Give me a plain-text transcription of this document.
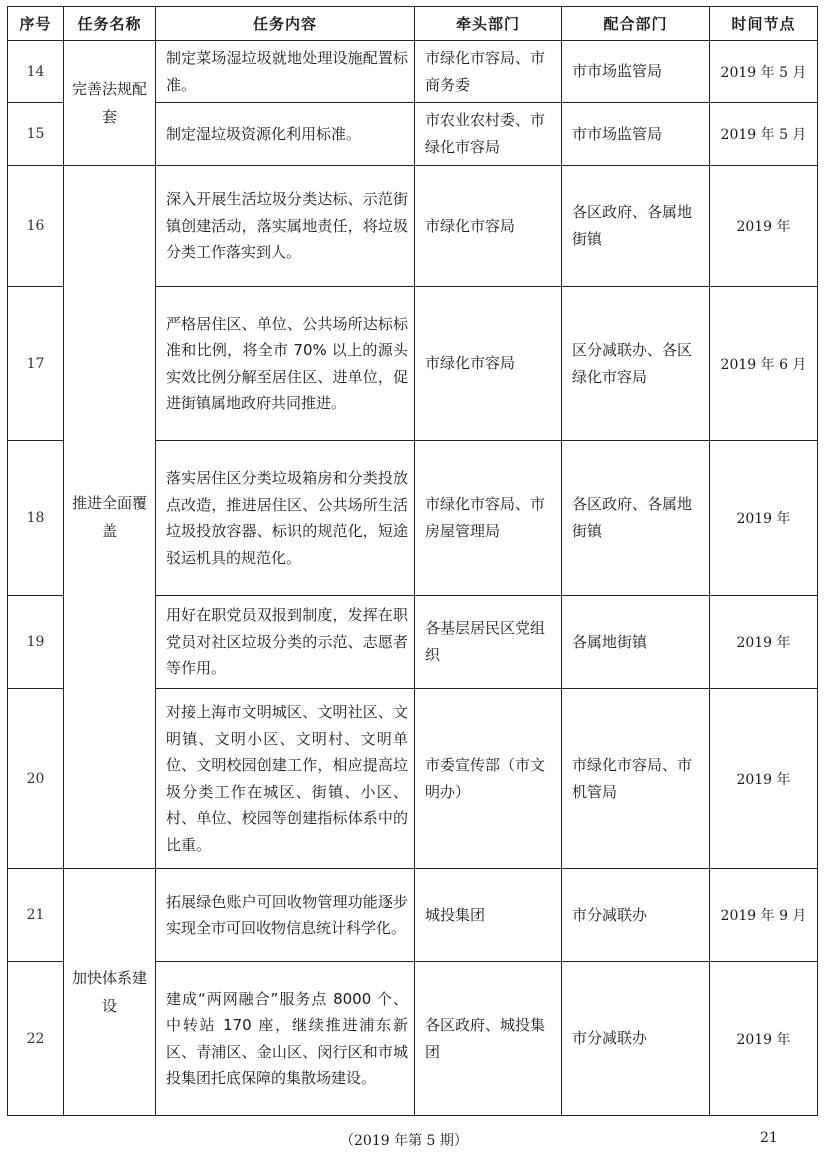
序号	任务名称	任务内容	牵头部门	配合部门	时间节点
14	完善法规配套	制定菜场湿垃圾就地处理设施配置标准。	市绿化市容局、市商务委	市市场监管局	2019 年 5 月
15		制定湿垃圾资源化利用标准。	市农业农村委、市绿化市容局	市市场监管局	2019 年 5 月
16	推进全面覆盖	深入开展生活垃圾分类达标、示范街镇创建活动，落实属地责任，将垃圾分类工作落实到人。	市绿化市容局	各区政府、各属地街镇	2019 年
17		严格居住区、单位、公共场所达标标准和比例，将全市 70% 以上的源头实效比例分解至居住区、进单位，促进街镇属地政府共同推进。	市绿化市容局	区分减联办、各区绿化市容局	2019 年 6 月
18		落实居住区分类垃圾箱房和分类投放点改造，推进居住区、公共场所生活垃圾投放容器、标识的规范化，短途驳运机具的规范化。	市绿化市容局、市房屋管理局	各区政府、各属地街镇	2019 年
19		用好在职党员双报到制度，发挥在职党员对社区垃圾分类的示范、志愿者等作用。	各基层居民区党组织	各属地街镇	2019 年
20		对接上海市文明城区、文明社区、文明镇、文明小区、文明村、文明单位、文明校园创建工作，相应提高垃圾分类工作在城区、街镇、小区、村、单位、校园等创建指标体系中的比重。	市委宣传部（市文明办）	市绿化市容局、市机管局	2019 年
21	加快体系建设	拓展绿色账户可回收物管理功能逐步实现全市可回收物信息统计科学化。	城投集团	市分减联办	2019 年 9 月
22		建成“两网融合”服务点 8000 个、中转站 170 座，继续推进浦东新区、青浦区、金山区、闵行区和市城投集团托底保障的集散场建设。	各区政府、城投集团	市分减联办	2019 年
（2019 年第 5 期）	21
